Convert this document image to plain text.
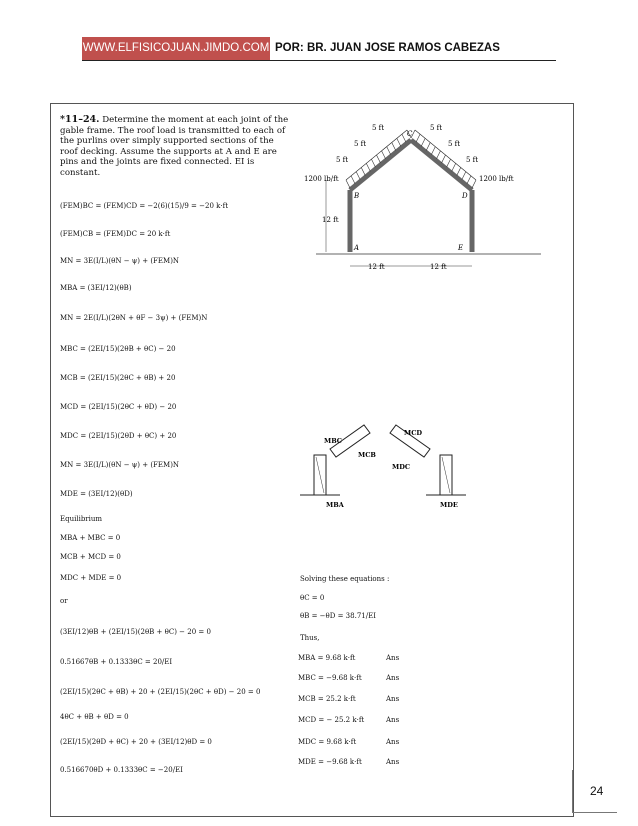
WWW.ELFISICOJUAN.JIMDO.COM POR: BR. JUAN JOSE RAMOS CABEZAS
*11–24. Determine the moment at each joint of the gable frame. The roof load is transmitted to each of the purlins over simply supported sections of the roof decking. Assume the supports at A and E are pins and the joints are fixed connected. EI is constant.
5 ft
5 ft
5 ft
5 ft
5 ft
5 ft
1200 lb/ft	1200 lb/ft
12 ft
12 ft	12 ft
A
B
C
D
E
(FEM)BC = (FEM)CD = −2(6)(15)/9 = −20 k·ft
(FEM)CB = (FEM)DC = 20 k·ft
MN = 3E(I/L)(θN − ψ) + (FEM)N
MBA = (3EI/12)(θB)
MN = 2E(I/L)(2θN + θF − 3ψ) + (FEM)N
MBC = (2EI/15)(2θB + θC) − 20
MCB = (2EI/15)(2θC + θB) + 20
MCD = (2EI/15)(2θC + θD) − 20
MDC = (2EI/15)(2θD + θC) + 20
MN = 3E(I/L)(θN − ψ) + (FEM)N
MDE = (3EI/12)(θD)
Equilibrium
MBA + MBC = 0
MCB + MCD = 0
MDC + MDE = 0
or
(3EI/12)θB + (2EI/15)(2θB + θC) − 20 = 0
0.51667θB + 0.1333θC = 20/EI
(2EI/15)(2θC + θB) + 20 + (2EI/15)(2θC + θD) − 20 = 0
4θC + θB + θD = 0
(2EI/15)(2θD + θC) + 20 + (3EI/12)θD = 0
0.516670θD + 0.1333θC = −20/EI
MBC
MCB
MCD
MDC
MBA	MDE
Solving these equations :
θC = 0
θB = −θD = 38.71/EI
Thus,
MBA = 9.68 k·ft	Ans
MBC = −9.68 k·ft	Ans
MCB = 25.2 k·ft	Ans
MCD = − 25.2 k·ft	Ans
MDC = 9.68 k·ft	Ans
MDE = −9.68 k·ft	Ans
24
